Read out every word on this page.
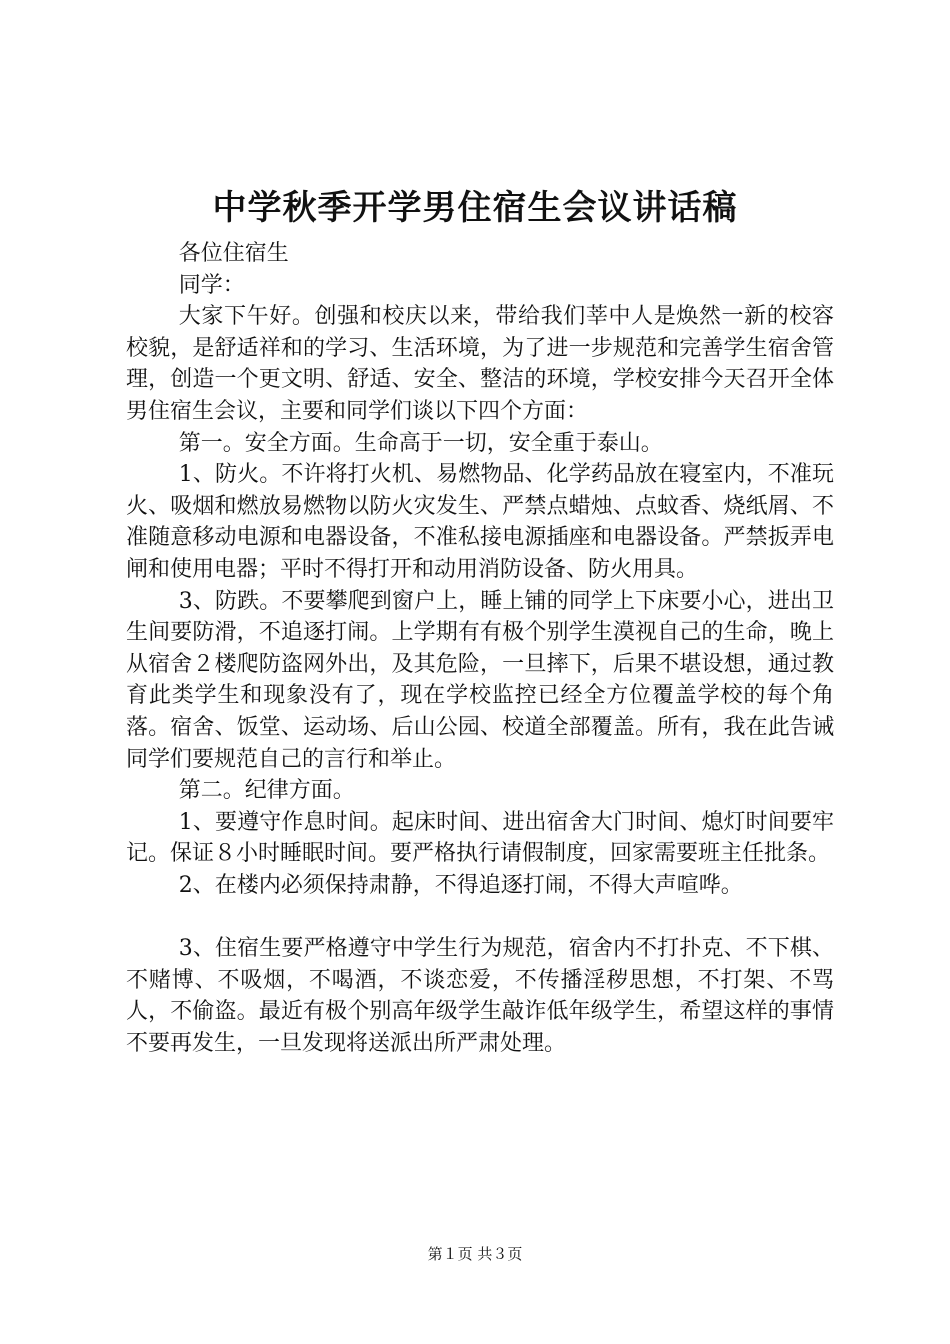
中学秋季开学男住宿生会议讲话稿

各位住宿生

同学：

大家下午好。创强和校庆以来，带给我们莘中人是焕然一新的校容校貌，是舒适祥和的学习、生活环境，为了进一步规范和完善学生宿舍管理，创造一个更文明、舒适、安全、整洁的环境，学校安排今天召开全体男住宿生会议，主要和同学们谈以下四个方面：

第一。安全方面。生命高于一切，安全重于泰山。

1、防火。不许将打火机、易燃物品、化学药品放在寝室内，不准玩火、吸烟和燃放易燃物以防火灾发生、严禁点蜡烛、点蚊香、烧纸屑、不准随意移动电源和电器设备，不准私接电源插座和电器设备。严禁扳弄电闸和使用电器；平时不得打开和动用消防设备、防火用具。

3、防跌。不要攀爬到窗户上，睡上铺的同学上下床要小心，进出卫生间要防滑，不追逐打闹。上学期有有极个别学生漠视自己的生命，晚上从宿舍２楼爬防盗网外出，及其危险，一旦摔下，后果不堪设想，通过教育此类学生和现象没有了，现在学校监控已经全方位覆盖学校的每个角落。宿舍、饭堂、运动场、后山公园、校道全部覆盖。所有，我在此告诫同学们要规范自己的言行和举止。

第二。纪律方面。

1、要遵守作息时间。起床时间、进出宿舍大门时间、熄灯时间要牢记。保证８小时睡眠时间。要严格执行请假制度，回家需要班主任批条。

2、在楼内必须保持肃静，不得追逐打闹，不得大声喧哗。

3、住宿生要严格遵守中学生行为规范，宿舍内不打扑克、不下棋、不赌博、不吸烟，不喝酒，不谈恋爱，不传播淫秽思想，不打架、不骂人，不偷盗。最近有极个别高年级学生敲诈低年级学生，希望这样的事情不要再发生，一旦发现将送派出所严肃处理。

第１页 共３页
